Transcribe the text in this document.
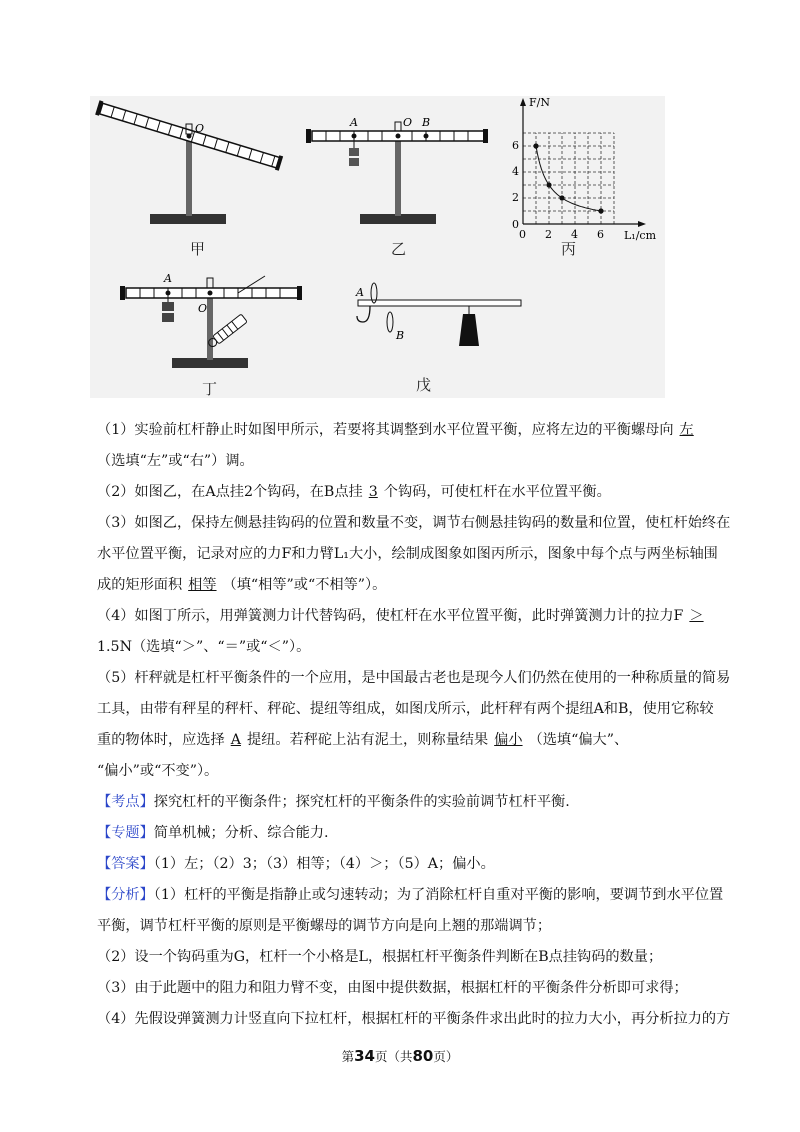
O	A	O B
F/N
L₁/cm
0
2
4
6
0 2 4 6
A
O
A
B
甲	乙	丙
丁	戊
（1）实验前杠杆静止时如图甲所示，若要将其调整到水平位置平衡，应将左边的平衡螺母向 左
（选填“左”或“右”）调。
（2）如图乙，在A点挂2个钩码，在B点挂 3 个钩码，可使杠杆在水平位置平衡。
（3）如图乙，保持左侧悬挂钩码的位置和数量不变，调节右侧悬挂钩码的数量和位置，使杠杆始终在
水平位置平衡，记录对应的力F和力臂L₁大小，绘制成图象如图丙所示，图象中每个点与两坐标轴围
成的矩形面积 相等 （填“相等”或“不相等”）。
（4）如图丁所示，用弹簧测力计代替钩码，使杠杆在水平位置平衡，此时弹簧测力计的拉力F ＞
1.5N（选填“＞”、“＝”或“＜”）。
（5）杆秤就是杠杆平衡条件的一个应用，是中国最古老也是现今人们仍然在使用的一种称质量的简易
工具，由带有秤星的秤杆、秤砣、提纽等组成，如图戊所示，此杆秤有两个提纽A和B，使用它称较
重的物体时，应选择 A 提纽。若秤砣上沾有泥土，则称量结果 偏小 （选填“偏大”、
“偏小”或“不变”）。
【考点】探究杠杆的平衡条件；探究杠杆的平衡条件的实验前调节杠杆平衡.
【专题】简单机械；分析、综合能力.
【答案】（1）左；（2）3；（3）相等；（4）＞；（5）A；偏小。
【分析】（1）杠杆的平衡是指静止或匀速转动；为了消除杠杆自重对平衡的影响，要调节到水平位置
平衡，调节杠杆平衡的原则是平衡螺母的调节方向是向上翘的那端调节；
（2）设一个钩码重为G，杠杆一个小格是L，根据杠杆平衡条件判断在B点挂钩码的数量；
（3）由于此题中的阻力和阻力臂不变，由图中提供数据，根据杠杆的平衡条件分析即可求得；
（4）先假设弹簧测力计竖直向下拉杠杆，根据杠杆的平衡条件求出此时的拉力大小，再分析拉力的方
第34页（共80页）
